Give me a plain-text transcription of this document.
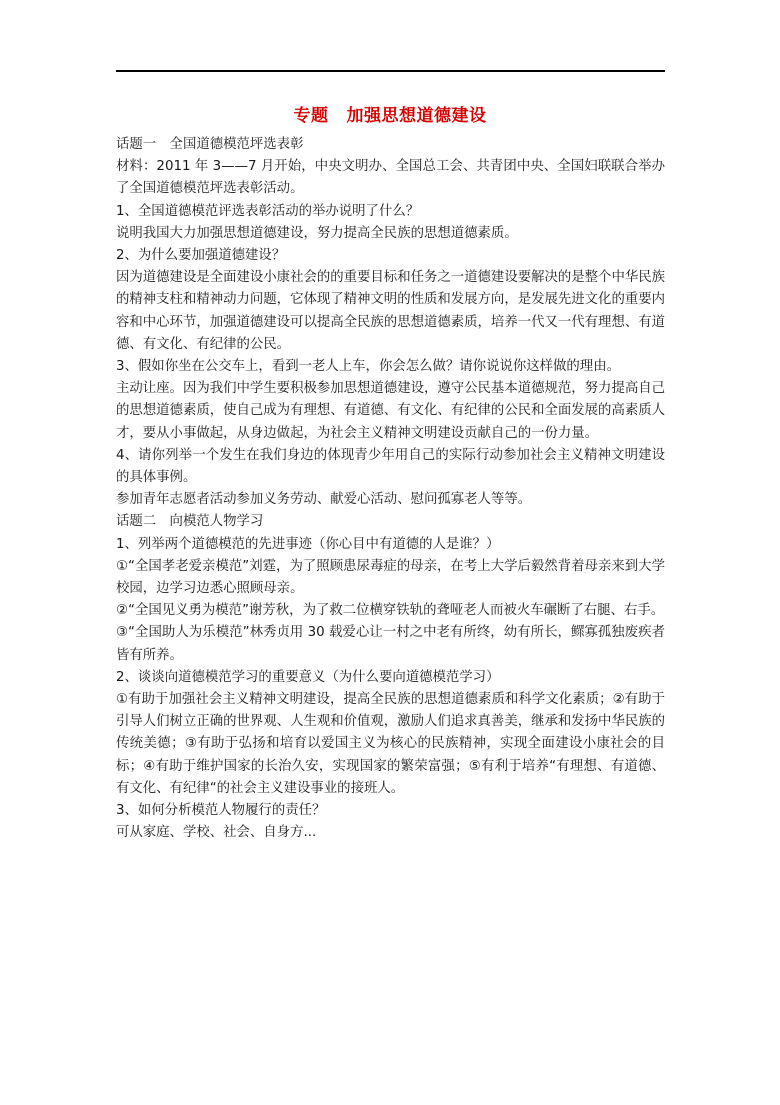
专题 加强思想道德建设

话题一　全国道德模范坪选表彰

材料：2011 年 3——7 月开始，中央文明办、全国总工会、共青团中央、全国妇联联合举办了全国道德模范坪选表彰活动。

1、全国道德模范评选表彰活动的举办说明了什么？

说明我国大力加强思想道德建设，努力提高全民族的思想道德素质。

2、为什么要加强道德建设？

因为道德建设是全面建设小康社会的的重要目标和任务之一道德建设要解决的是整个中华民族的精神支柱和精神动力问题，它体现了精神文明的性质和发展方向，是发展先进文化的重要内容和中心环节，加强道德建设可以提高全民族的思想道德素质，培养一代又一代有理想、有道德、有文化、有纪律的公民。

3、假如你坐在公交车上，看到一老人上车，你会怎么做？请你说说你这样做的理由。

主动让座。因为我们中学生要积极参加思想道德建设，遵守公民基本道德规范，努力提高自己的思想道德素质，使自己成为有理想、有道德、有文化、有纪律的公民和全面发展的高素质人才，要从小事做起，从身边做起，为社会主义精神文明建设贡献自己的一份力量。

4、请你列举一个发生在我们身边的体现青少年用自己的实际行动参加社会主义精神文明建设的具体事例。

参加青年志愿者活动参加义务劳动、献爱心活动、慰问孤寡老人等等。

话题二　向模范人物学习

1、列举两个道德模范的先进事迹（你心目中有道德的人是谁？）

①“全国孝老爱亲模范”刘霆，为了照顾患尿毒症的母亲，在考上大学后毅然背着母亲来到大学校园，边学习边悉心照顾母亲。

②“全国见义勇为模范”谢芳秋，为了救二位横穿铁轨的聋哑老人而被火车碾断了右腿、右手。

③“全国助人为乐模范”林秀贞用 30 载爱心让一村之中老有所终，幼有所长，鳏寡孤独废疾者皆有所养。

2、谈谈向道德模范学习的重要意义（为什么要向道德模范学习）

①有助于加强社会主义精神文明建设，提高全民族的思想道德素质和科学文化素质；②有助于引导人们树立正确的世界观、人生观和价值观，激励人们追求真善美，继承和发扬中华民族的传统美德；③有助于弘扬和培育以爱国主义为核心的民族精神，实现全面建设小康社会的目标；④有助于维护国家的长治久安，实现国家的繁荣富强；⑤有利于培养“有理想、有道德、有文化、有纪律“的社会主义建设事业的接班人。

3、如何分析模范人物履行的责任？

可从家庭、学校、社会、自身方...
